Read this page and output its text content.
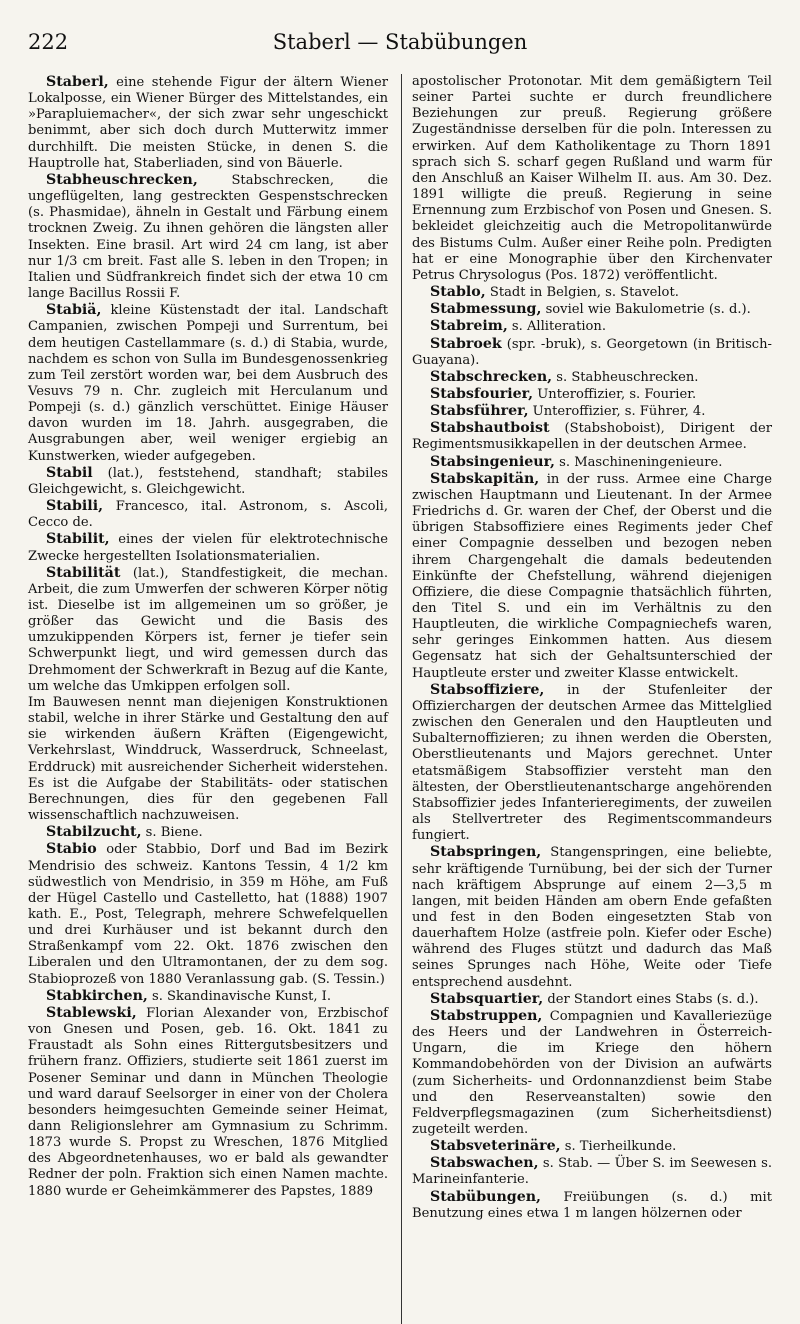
222	Staberl — Stabübungen

Staberl, eine stehende Figur der ältern Wiener Lokalposse, ein Wiener Bürger des Mittelstandes, ein »Parapluiemacher«, der sich zwar sehr ungeschickt benimmt, aber sich doch durch Mutterwitz immer durchhilft. Die meisten Stücke, in denen S. die Hauptrolle hat, Staberliaden, sind von Bäuerle.

Stabheuschrecken, Stabschrecken, die ungeflügelten, lang gestreckten Gespenstschrecken (s. Phasmidae), ähneln in Gestalt und Färbung einem trocknen Zweig. Zu ihnen gehören die längsten aller Insekten. Eine brasil. Art wird 24 cm lang, ist aber nur 1/3 cm breit. Fast alle S. leben in den Tropen; in Italien und Südfrankreich findet sich der etwa 10 cm lange Bacillus Rossii F.

Stabiä, kleine Küstenstadt der ital. Landschaft Campanien, zwischen Pompeji und Surrentum, bei dem heutigen Castellammare (s. d.) di Stabia, wurde, nachdem es schon von Sulla im Bundesgenossenkrieg zum Teil zerstört worden war, bei dem Ausbruch des Vesuvs 79 n. Chr. zugleich mit Herculanum und Pompeji (s. d.) gänzlich verschüttet. Einige Häuser davon wurden im 18. Jahrh. ausgegraben, die Ausgrabungen aber, weil weniger ergiebig an Kunstwerken, wieder aufgegeben.

Stabil (lat.), feststehend, standhaft; stabiles Gleichgewicht, s. Gleichgewicht.

Stabili, Francesco, ital. Astronom, s. Ascoli, Cecco de.

Stabilit, eines der vielen für elektrotechnische Zwecke hergestellten Isolationsmaterialien.

Stabilität (lat.), Standfestigkeit, die mechan. Arbeit, die zum Umwerfen der schweren Körper nötig ist. Dieselbe ist im allgemeinen um so größer, je größer das Gewicht und die Basis des umzukippenden Körpers ist, ferner je tiefer sein Schwerpunkt liegt, und wird gemessen durch das Drehmoment der Schwerkraft in Bezug auf die Kante, um welche das Umkippen erfolgen soll.

Im Bauwesen nennt man diejenigen Konstruktionen stabil, welche in ihrer Stärke und Gestaltung den auf sie wirkenden äußern Kräften (Eigengewicht, Verkehrslast, Winddruck, Wasserdruck, Schneelast, Erddruck) mit ausreichender Sicherheit widerstehen. Es ist die Aufgabe der Stabilitäts- oder statischen Berechnungen, dies für den gegebenen Fall wissenschaftlich nachzuweisen.

Stabilzucht, s. Biene.

Stabio oder Stabbio, Dorf und Bad im Bezirk Mendrisio des schweiz. Kantons Tessin, 4 1/2 km südwestlich von Mendrisio, in 359 m Höhe, am Fuß der Hügel Castello und Castelletto, hat (1888) 1907 kath. E., Post, Telegraph, mehrere Schwefelquellen und drei Kurhäuser und ist bekannt durch den Straßenkampf vom 22. Okt. 1876 zwischen den Liberalen und den Ultramontanen, der zu dem sog. Stabioprozeß von 1880 Veranlassung gab. (S. Tessin.)

Stabkirchen, s. Skandinavische Kunst, I.

Stablewski, Florian Alexander von, Erzbischof von Gnesen und Posen, geb. 16. Okt. 1841 zu Fraustadt als Sohn eines Rittergutsbesitzers und frühern franz. Offiziers, studierte seit 1861 zuerst im Posener Seminar und dann in München Theologie und ward darauf Seelsorger in einer von der Cholera besonders heimgesuchten Gemeinde seiner Heimat, dann Religionslehrer am Gymnasium zu Schrimm. 1873 wurde S. Propst zu Wreschen, 1876 Mitglied des Abgeordnetenhauses, wo er bald als gewandter Redner der poln. Fraktion sich einen Namen machte. 1880 wurde er Geheimkämmerer des Papstes, 1889

apostolischer Protonotar. Mit dem gemäßigtern Teil seiner Partei suchte er durch freundlichere Beziehungen zur preuß. Regierung größere Zugeständnisse derselben für die poln. Interessen zu erwirken. Auf dem Katholikentage zu Thorn 1891 sprach sich S. scharf gegen Rußland und warm für den Anschluß an Kaiser Wilhelm II. aus. Am 30. Dez. 1891 willigte die preuß. Regierung in seine Ernennung zum Erzbischof von Posen und Gnesen. S. bekleidet gleichzeitig auch die Metropolitanwürde des Bistums Culm. Außer einer Reihe poln. Predigten hat er eine Monographie über den Kirchenvater Petrus Chrysologus (Pos. 1872) veröffentlicht.

Stablo, Stadt in Belgien, s. Stavelot.

Stabmessung, soviel wie Bakulometrie (s. d.).

Stabreim, s. Alliteration.

Stabroek (spr. -bruk), s. Georgetown (in Britisch-Guayana).

Stabschrecken, s. Stabheuschrecken.

Stabsfourier, Unteroffizier, s. Fourier.

Stabsführer, Unteroffizier, s. Führer, 4.

Stabshautboist (Stabshoboist), Dirigent der Regimentsmusikkapellen in der deutschen Armee.

Stabsingenieur, s. Maschineningenieure.

Stabskapitän, in der russ. Armee eine Charge zwischen Hauptmann und Lieutenant. In der Armee Friedrichs d. Gr. waren der Chef, der Oberst und die übrigen Stabsoffiziere eines Regiments jeder Chef einer Compagnie desselben und bezogen neben ihrem Chargengehalt die damals bedeutenden Einkünfte der Chefstellung, während diejenigen Offiziere, die diese Compagnie thatsächlich führten, den Titel S. und ein im Verhältnis zu den Hauptleuten, die wirkliche Compagniechefs waren, sehr geringes Einkommen hatten. Aus diesem Gegensatz hat sich der Gehaltsunterschied der Hauptleute erster und zweiter Klasse entwickelt.

Stabsoffiziere, in der Stufenleiter der Offizierchargen der deutschen Armee das Mittelglied zwischen den Generalen und den Hauptleuten und Subalternoffizieren; zu ihnen werden die Obersten, Oberstlieutenants und Majors gerechnet. Unter etatsmäßigem Stabsoffizier versteht man den ältesten, der Oberstlieutenantscharge angehörenden Stabsoffizier jedes Infanterieregiments, der zuweilen als Stellvertreter des Regimentscommandeurs fungiert.

Stabspringen, Stangenspringen, eine beliebte, sehr kräftigende Turnübung, bei der sich der Turner nach kräftigem Absprunge auf einem 2—3,5 m langen, mit beiden Händen am obern Ende gefaßten und fest in den Boden eingesetzten Stab von dauerhaftem Holze (astfreie poln. Kiefer oder Esche) während des Fluges stützt und dadurch das Maß seines Sprunges nach Höhe, Weite oder Tiefe entsprechend ausdehnt.

Stabsquartier, der Standort eines Stabs (s. d.).

Stabstruppen, Compagnien und Kavalleriezüge des Heers und der Landwehren in Österreich-Ungarn, die im Kriege den höhern Kommandobehörden von der Division an aufwärts (zum Sicherheits- und Ordonnanzdienst beim Stabe und den Reserveanstalten) sowie den Feldverpflegsmagazinen (zum Sicherheitsdienst) zugeteilt werden.

Stabsveterinäre, s. Tierheilkunde.

Stabswachen, s. Stab. — Über S. im Seewesen s. Marineinfanterie.

Stabübungen, Freiübungen (s. d.) mit Benutzung eines etwa 1 m langen hölzernen oder
